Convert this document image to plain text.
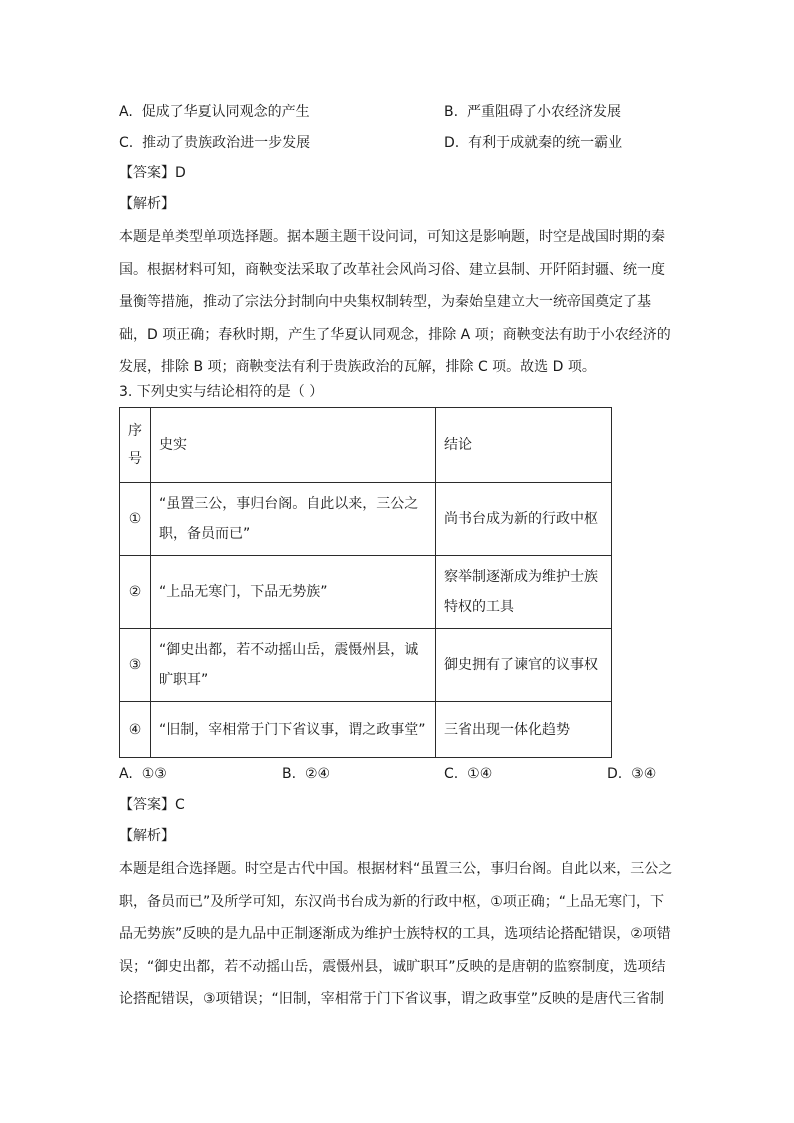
A. 促成了华夏认同观念的产生	B. 严重阻碍了小农经济发展
C. 推动了贵族政治进一步发展	D. 有利于成就秦的统一霸业
【答案】D
【解析】
本题是单类型单项选择题。据本题主题干设问词，可知这是影响题，时空是战国时期的秦
国。根据材料可知，商鞅变法采取了改革社会风尚习俗、建立县制、开阡陌封疆、统一度
量衡等措施，推动了宗法分封制向中央集权制转型，为秦始皇建立大一统帝国奠定了基
础，D 项正确；春秋时期，产生了华夏认同观念，排除 A 项；商鞅变法有助于小农经济的
发展，排除 B 项；商鞅变法有利于贵族政治的瓦解，排除 C 项。故选 D 项。
3. 下列史实与结论相符的是（ ）
序
号	史实	结论
①	“虽置三公，事归台阁。自此以来，三公之
职，备员而已”	尚书台成为新的行政中枢

②	“上品无寒门，下品无势族”	察举制逐渐成为维护士族
特权的工具

③	“御史出都，若不动摇山岳，震慑州县，诚
旷职耳”	御史拥有了谏官的议事权

④	“旧制，宰相常于门下省议事，谓之政事堂”	三省出现一体化趋势
A. ①③	B. ②④	C. ①④	D. ③④
【答案】C
【解析】
本题是组合选择题。时空是古代中国。根据材料“虽置三公，事归台阁。自此以来，三公之
职，备员而已”及所学可知，东汉尚书台成为新的行政中枢，①项正确；“上品无寒门，下
品无势族”反映的是九品中正制逐渐成为维护士族特权的工具，选项结论搭配错误，②项错
误；“御史出都，若不动摇山岳，震慑州县，诚旷职耳”反映的是唐朝的监察制度，选项结
论搭配错误，③项错误；“旧制，宰相常于门下省议事，谓之政事堂”反映的是唐代三省制
